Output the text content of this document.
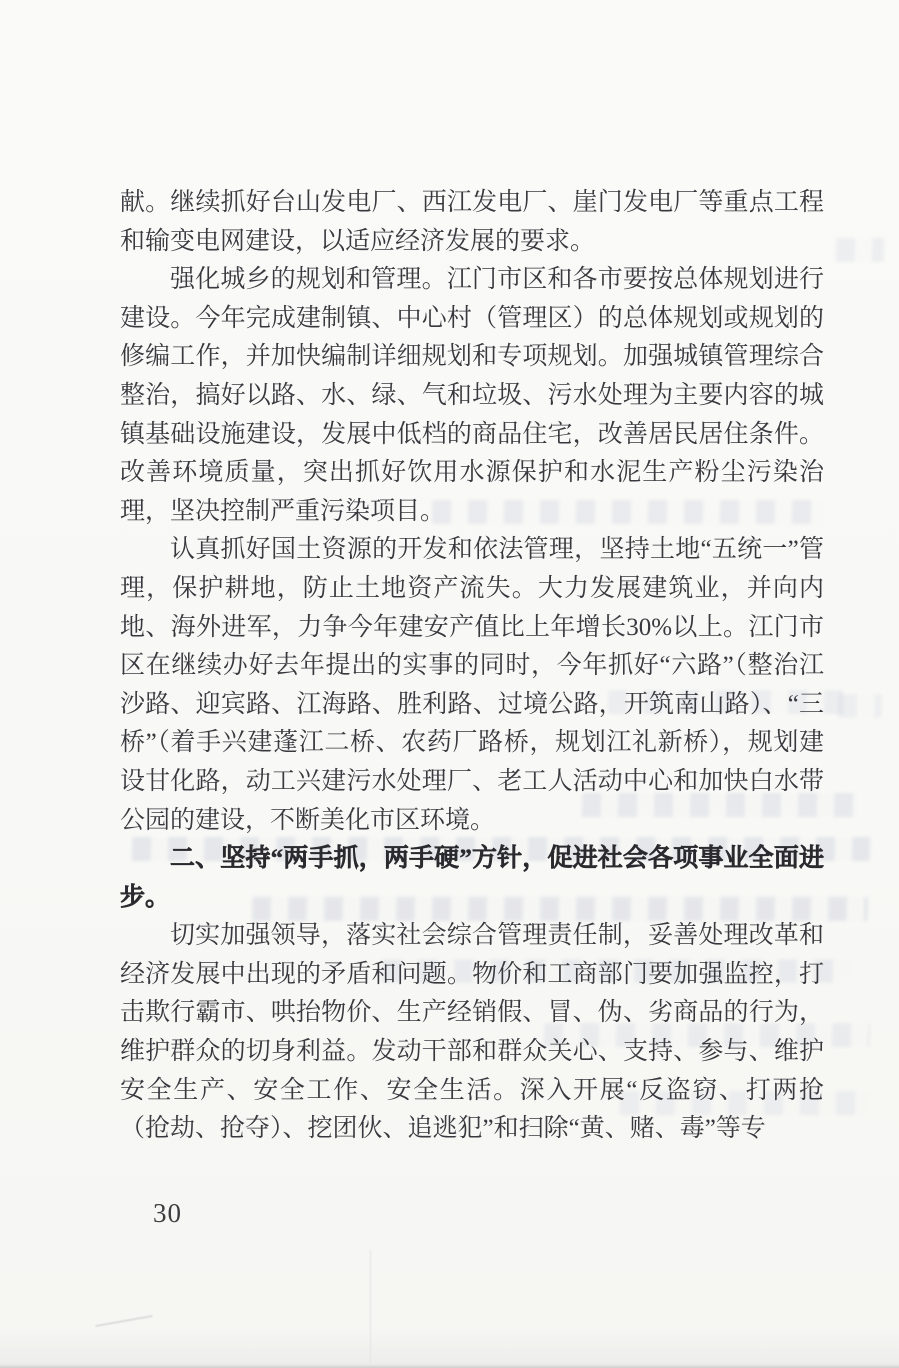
献。继续抓好台山发电厂、西江发电厂、崖门发电厂等重点工程和输变电网建设，以适应经济发展的要求。

强化城乡的规划和管理。江门市区和各市要按总体规划进行建设。今年完成建制镇、中心村（管理区）的总体规划或规划的修编工作，并加快编制详细规划和专项规划。加强城镇管理综合整治，搞好以路、水、绿、气和垃圾、污水处理为主要内容的城镇基础设施建设，发展中低档的商品住宅，改善居民居住条件。改善环境质量，突出抓好饮用水源保护和水泥生产粉尘污染治理，坚决控制严重污染项目。

认真抓好国土资源的开发和依法管理，坚持土地“五统一”管理，保护耕地，防止土地资产流失。大力发展建筑业，并向内地、海外进军，力争今年建安产值比上年增长30%以上。江门市区在继续办好去年提出的实事的同时，今年抓好“六路”（整治江沙路、迎宾路、江海路、胜利路、过境公路，开筑南山路）、“三桥”（着手兴建蓬江二桥、农药厂路桥，规划江礼新桥），规划建设甘化路，动工兴建污水处理厂、老工人活动中心和加快白水带公园的建设，不断美化市区环境。

二、坚持“两手抓，两手硬”方针，促进社会各项事业全面进步。

切实加强领导，落实社会综合管理责任制，妥善处理改革和经济发展中出现的矛盾和问题。物价和工商部门要加强监控，打击欺行霸市、哄抬物价、生产经销假、冒、伪、劣商品的行为，维护群众的切身利益。发动干部和群众关心、支持、参与、维护安全生产、安全工作、安全生活。深入开展“反盗窃、打两抢（抢劫、抢夺）、挖团伙、追逃犯”和扫除“黄、赌、毒”等专

30
